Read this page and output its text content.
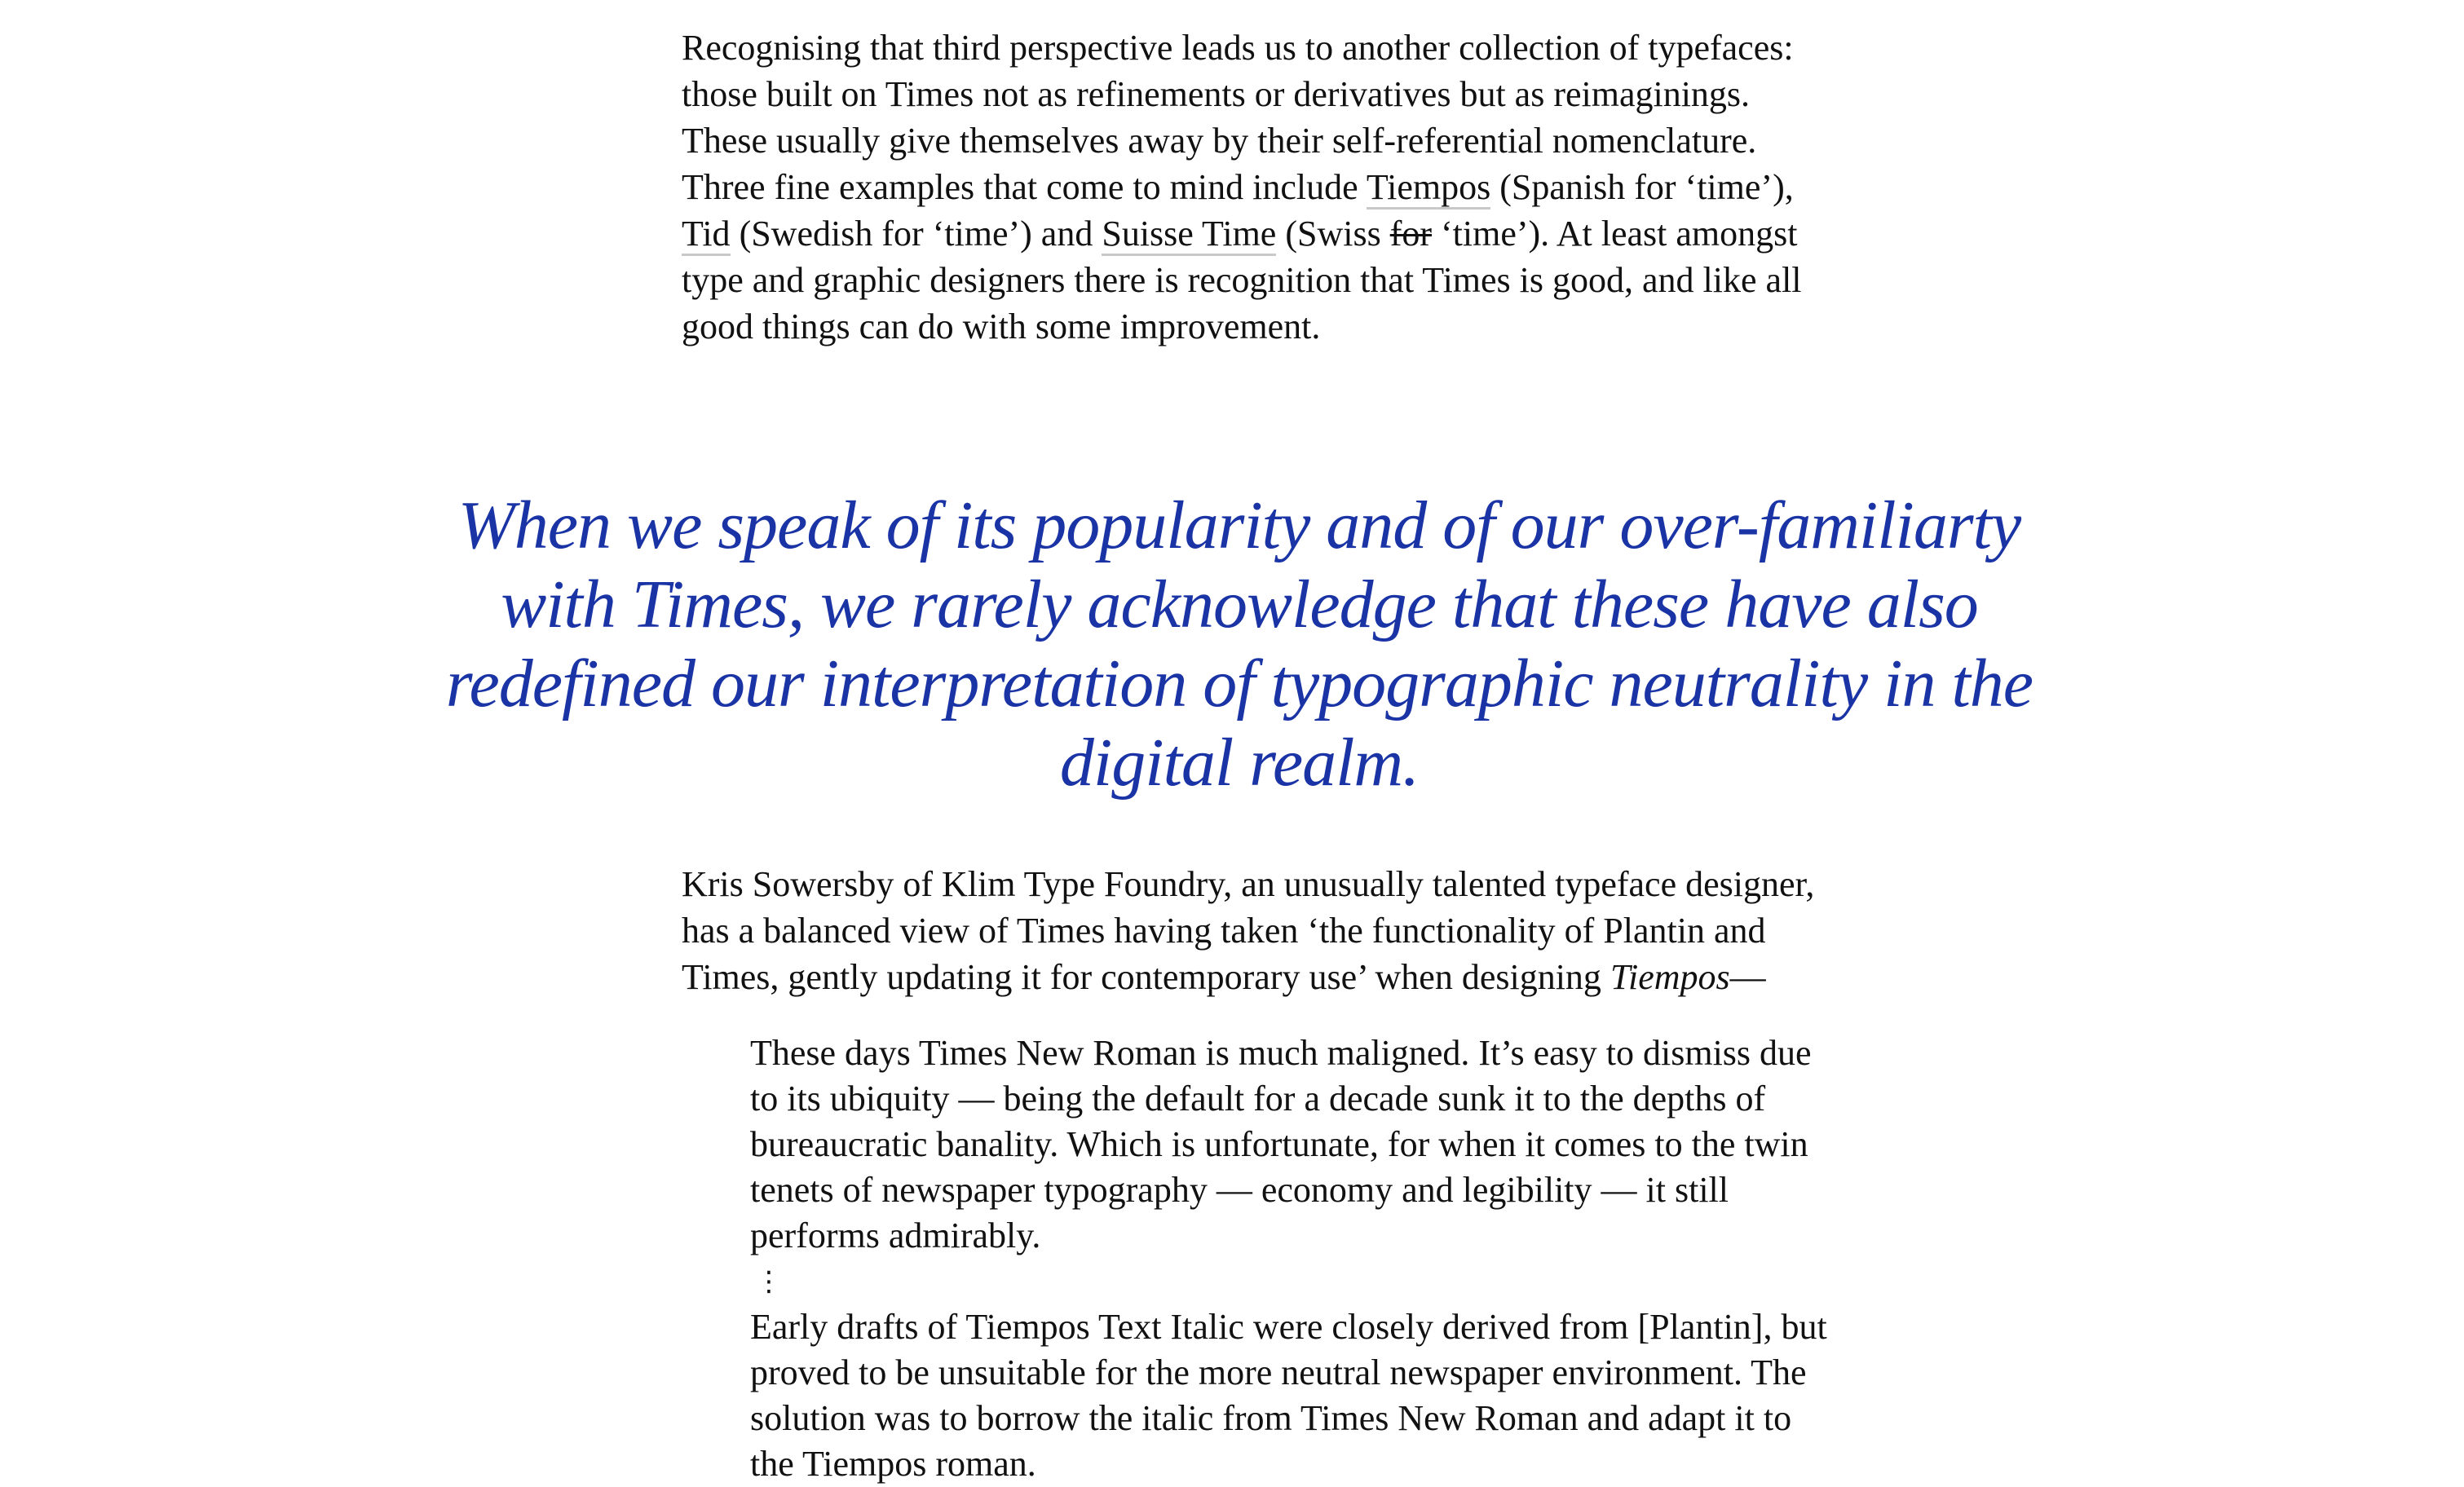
Recognising that third perspective leads us to another collection of typefaces: those built on Times not as refinements or derivatives but as reimaginings. These usually give themselves away by their self-referential nomenclature. Three fine examples that come to mind include Tiempos (Spanish for ‘time’), Tid (Swedish for ‘time’) and Suisse Time (Swiss for ‘time’). At least amongst type and graphic designers there is recognition that Times is good, and like all good things can do with some improvement.

When we speak of its popularity and of our over-familiarty with Times, we rarely acknowledge that these have also redefined our interpretation of typographic neutrality in the digital realm.

Kris Sowersby of Klim Type Foundry, an unusually talented typeface designer, has a balanced view of Times having taken ‘the functionality of Plantin and Times, gently updating it for contemporary use’ when designing Tiempos—

These days Times New Roman is much maligned. It’s easy to dismiss due to its ubiquity — being the default for a decade sunk it to the depths of bureaucratic banality. Which is unfortunate, for when it comes to the twin tenets of newspaper typography — economy and legibility — it still performs admirably.

⋮

Early drafts of Tiempos Text Italic were closely derived from [Plantin], but proved to be unsuitable for the more neutral newspaper environment. The solution was to borrow the italic from Times New Roman and adapt it to the Tiempos roman.
